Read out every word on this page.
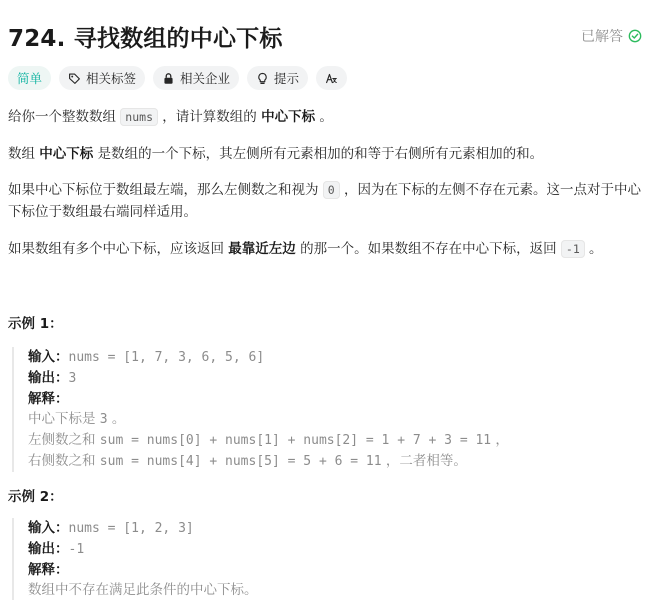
724. 寻找数组的中心下标	已解答
简单	相关标签	相关企业	提示
给你一个整数数组 nums ，请计算数组的 中心下标 。
数组 中心下标 是数组的一个下标，其左侧所有元素相加的和等于右侧所有元素相加的和。
如果中心下标位于数组最左端，那么左侧数之和视为 0 ，因为在下标的左侧不存在元素。这一点对于中心下标位于数组最右端同样适用。
如果数组有多个中心下标，应该返回 最靠近左边 的那一个。如果数组不存在中心下标，返回 -1 。
示例 1：
输入：nums = [1, 7, 3, 6, 5, 6]
输出：3
解释：
中心下标是 3 。
左侧数之和 sum = nums[0] + nums[1] + nums[2] = 1 + 7 + 3 = 11 ，
右侧数之和 sum = nums[4] + nums[5] = 5 + 6 = 11 ，二者相等。
示例 2：
输入：nums = [1, 2, 3]
输出：-1
解释：
数组中不存在满足此条件的中心下标。
